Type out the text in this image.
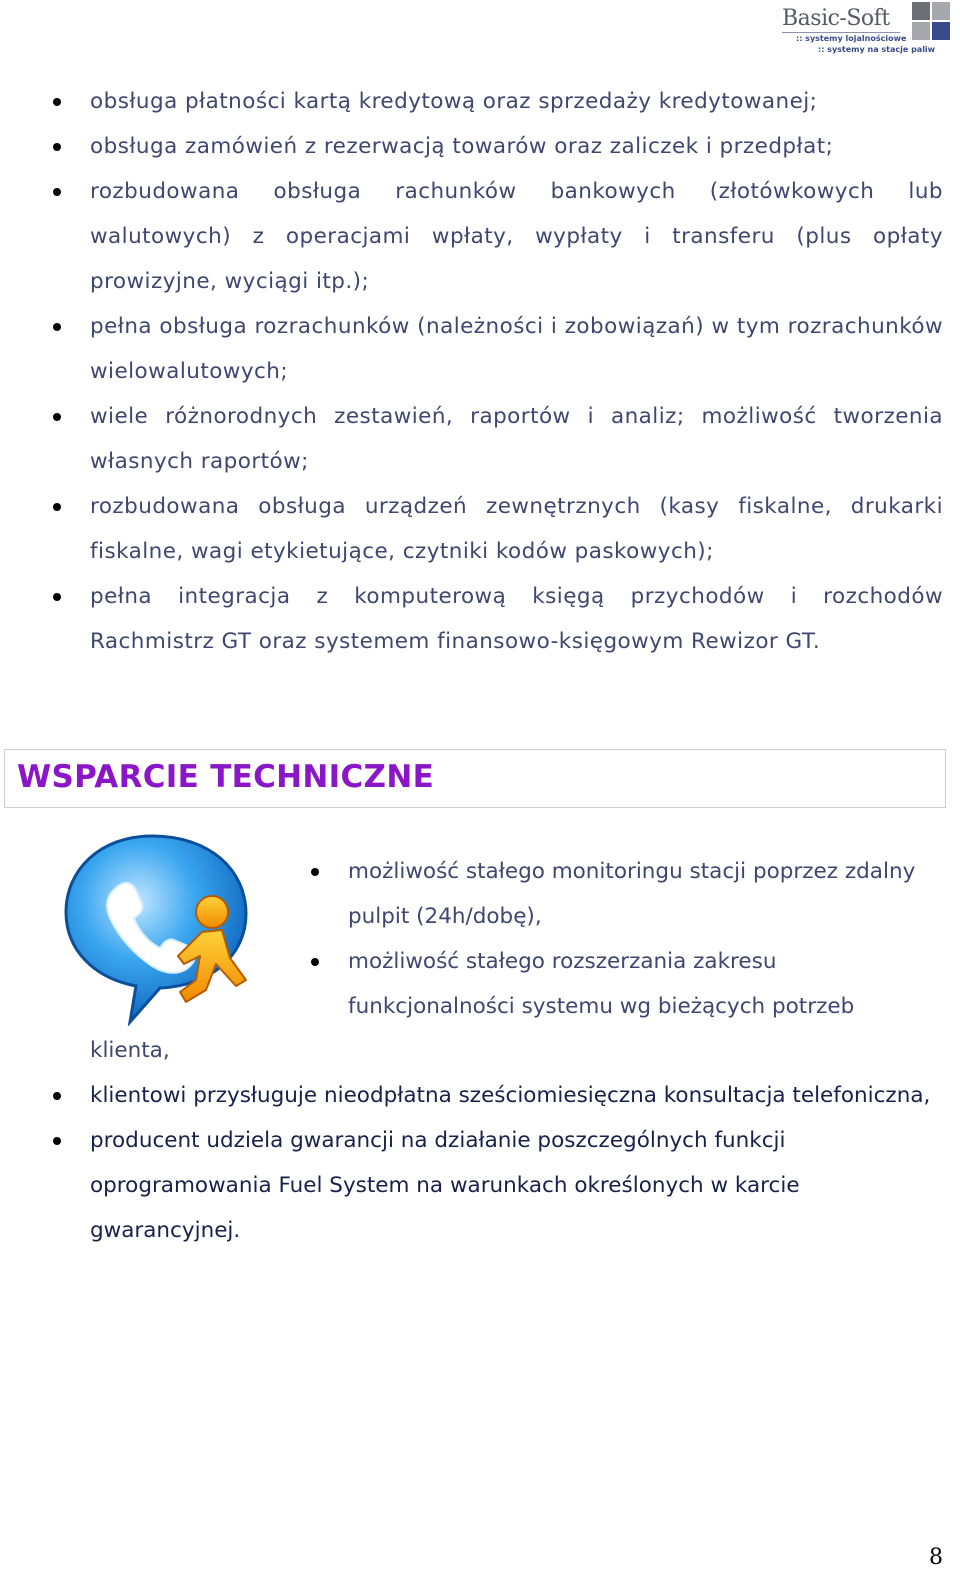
Basic-Soft
:: systemy lojalnościowe
:: systemy na stacje paliw
obsługa płatności kartą kredytową oraz sprzedaży kredytowanej;
obsługa zamówień z rezerwacją towarów oraz zaliczek i przedpłat;
rozbudowana obsługa rachunków bankowych (złotówkowych lub walutowych) z operacjami wpłaty, wypłaty i transferu (plus opłaty prowizyjne, wyciągi itp.);
pełna obsługa rozrachunków (należności i zobowiązań) w tym rozrachunków wielowalutowych;
wiele różnorodnych zestawień, raportów i analiz; możliwość tworzenia własnych raportów;
rozbudowana obsługa urządzeń zewnętrznych (kasy fiskalne, drukarki fiskalne, wagi etykietujące, czytniki kodów paskowych);
pełna integracja z komputerową księgą przychodów i rozchodów Rachmistrz GT oraz systemem finansowo-księgowym Rewizor GT.
WSPARCIE TECHNICZNE
możliwość stałego monitoringu stacji poprzez zdalny pulpit (24h/dobę),
możliwość stałego rozszerzania zakresu funkcjonalności systemu wg bieżących potrzeb
klienta,
klientowi przysługuje nieodpłatna sześciomiesięczna konsultacja telefoniczna,
producent udziela gwarancji na działanie poszczególnych funkcji oprogramowania Fuel System na warunkach określonych w karcie gwarancyjnej.
8
